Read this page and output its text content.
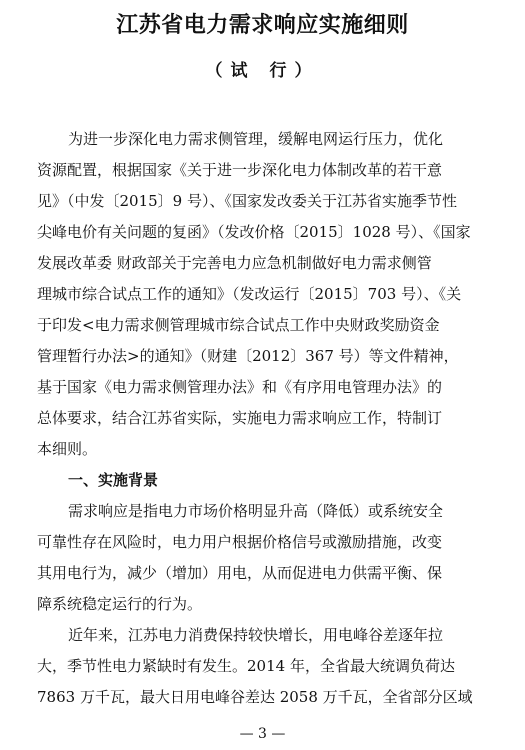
江苏省电力需求响应实施细则
（试 行）
为进一步深化电力需求侧管理，缓解电网运行压力，优化
资源配置，根据国家《关于进一步深化电力体制改革的若干意
见》（中发〔2015〕9 号）、《国家发改委关于江苏省实施季节性
尖峰电价有关问题的复函》（发改价格〔2015〕1028 号）、《国家
发展改革委 财政部关于完善电力应急机制做好电力需求侧管
理城市综合试点工作的通知》（发改运行〔2015〕703 号）、《关
于印发<电力需求侧管理城市综合试点工作中央财政奖励资金
管理暂行办法>的通知》（财建〔2012〕367 号）等文件精神，
基于国家《电力需求侧管理办法》和《有序用电管理办法》的
总体要求，结合江苏省实际，实施电力需求响应工作，特制订
本细则。
一、实施背景
需求响应是指电力市场价格明显升高（降低）或系统安全
可靠性存在风险时，电力用户根据价格信号或激励措施，改变
其用电行为，减少（增加）用电，从而促进电力供需平衡、保
障系统稳定运行的行为。
近年来，江苏电力消费保持较快增长，用电峰谷差逐年拉
大，季节性电力紧缺时有发生。2014 年，全省最大统调负荷达
7863 万千瓦，最大日用电峰谷差达 2058 万千瓦，全省部分区域
— 3 —
